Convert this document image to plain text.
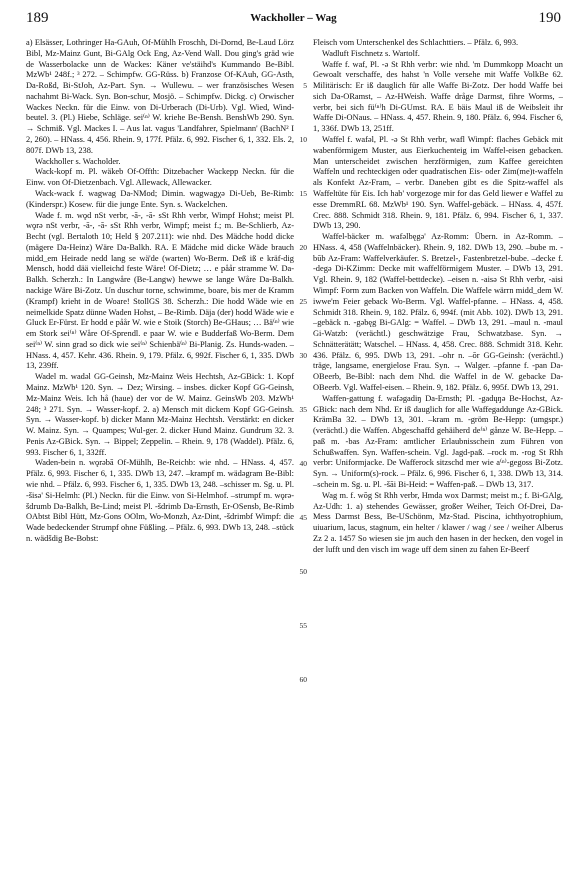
189	Wackholler – Wag	190

a) Elsässer, Lothringer Ha-GAuh, Of-Mühlh Froschh, Di-Dornd, Be-Laud Lörz Bibl, Mz-Mainz Gunt, Bi-GAlg Ock Eng, Az-Vend Wall. Dou ging's gräd wie de Wasserbolacke unn de Wackes: Käner ve'stäihd's Kummando Be-Bibl. MzWb¹ 248f.; ³ 272. – Schimpfw. GG-Rüss. b) Franzose Of-KAuh, GG-Asth, Da-Roßd, Bi-StJoh, Az-Part. Syn. → Wullewu. – wer französisches Wesen nachahmt Bi-Wack. Syn. Bon-schur, Mosjö. – Schimpfw. Dickg. c) Orwischer Wackes Neckn. für die Einw. von Di-Urberach (Di-Urb). Vgl. Wied, Wind-beutel. 3. (Pl.) Hiebe, Schläge. sei⁽ⁿ⁾ W. kriehe Be-Bensh. BenshWb 290. Syn. → Schmiß. Vgl. Mackes I. – Aus lat. vagus 'Landfahrer, Spielmann' (BachN² I 2, 260). – HNass. 4, 456. Rhein. 9, 177f. Pfälz. 6, 992. Fischer 6, 1, 332. Els. 2, 807f. DWb 13, 238.

Wackholler s. Wacholder.

Wack-kopf m. Pl. wäkeb Of-Offth: Ditzebacher Wackepp Neckn. für die Einw. von Of-Dietzenbach. Vgl. Allewack, Allewacker.

Wack-wack f. wagwag Da-NMod; Dimin. wagwagχə Di-Ueb, Be-Rimb: (Kinderspr.) Kosew. für die junge Ente. Syn. s. Wackelchen.

Wade f. m. wǫd nSt verbr, -ā-, -ā- sSt Rhh verbr, Wimpf Hohst; meist Pl. wǫrə nSt verbr, -ā-, -ā- sSt Rhh verbr, Wimpf; meist f.; m. Be-Schlierb, Az-Becht (vgl. Bertaloth 10; Held § 207.211): wie nhd. Des Mädche hodd dicke (mägere Da-Heinz) Wäre Da-Balkh. RA. E Mädche mid dicke Wäde brauch midd_em Heirade nedd lang se wä'de (warten) Wo-Berm. Deß iß e kräf-dig Mensch, hodd dää vielleichd feste Wäre! Of-Dietz; … e påår stramme W. Da-Balkh. Scherzh.: In Langwåre (Be-Langw) hewwe se lange Wåre Da-Balkh. nackige Wäre Bi-Zotz. Un duschur torne, schwimme, boare, bis mer de Kramm (Krampf) krieht in de Woare! StollGS 38. Scherzh.: Die hodd Wäde wie en neimelkide Spatz dünne Waden Hohst, – Be-Rimb. Däja (der) hodd Wäde wie e Gluck Er-Fürst. Er hodd e påår W. wie e Stoik (Storch) Be-GHaus; … Bä⁽ⁿ⁾ wie em Stork sei⁽ⁿ⁾ Wåre Of-Sprendl. e paar W. wie e Budderfaß Wo-Berm. Dem sei⁽ⁿ⁾ W. sinn grad so dick wie sei⁽ⁿ⁾ Schienbä⁽ⁿ⁾ Bi-Planig. Zs. Hunds-waden. – HNass. 4, 457. Kehr. 436. Rhein. 9, 179. Pfälz. 6, 992f. Fischer 6, 1, 335. DWb 13, 239ff.

Wadel m. wadəl GG-Geinsh, Mz-Mainz Weis Hechtsh, Az-GBick: 1. Kopf Mainz. MzWb¹ 120. Syn. → Dez; Wirsing. – insbes. dicker Kopf GG-Geinsh, Mz-Mainz Weis. Ich hå (haue) der vor de W. Mainz. GeinsWb 203. MzWb¹ 248; ³ 271. Syn. → Wasser-kopf. 2. a) Mensch mit dickem Kopf GG-Geinsh. Syn. → Wasser-kopf. b) dicker Mann Mz-Mainz Hechtsh. Verstärkt: en dicker W. Mainz. Syn. → Quampes; Wul-ger. 2. dicker Hund Mainz. Gundrum 32. 3. Penis Az-GBick. Syn. → Bippel; Zeppelin. – Rhein. 9, 178 (Waddel). Pfälz. 6, 993. Fischer 6, 1, 332ff.

Waden-bein n. wǫrəbā Of-Mühlh, Be-Reichb: wie nhd. – HNass. 4, 457. Pfälz. 6, 993. Fischer 6, 1, 335. DWb 13, 247. –krampf m. wädəgram Be-Bibl: wie nhd. – Pfälz. 6, 993. Fischer 6, 1, 335. DWb 13, 248. –schisser m. Sg. u. Pl. -šisə' Si-Helmh: (Pl.) Neckn. für die Einw. von Si-Helmhof. –strumpf m. wǫrə-šdrumb Da-Balkh, Be-Lind; meist Pl. -šdrimb Da-Ernsth, Er-OSensb, Be-Rimb OAbtst Bibl Hütt, Mz-Gons OOlm, Wo-Monzh, Az-Dint, -šdrimbf Wimpf: die Wade bedeckender Strumpf ohne Füßling. – Pfälz. 6, 993. DWb 13, 248. –stück n. wädšdig Be-Bobst:

5
10
15
20
25
30
35
40
45
50
55
60

Fleisch vom Unterschenkel des Schlachttiers. – Pfälz. 6, 993.

Wadluft Fischnetz s. Wartolf.

Waffe f. waf, Pl. -ə St Rhh verbr: wie nhd. 'm Dummkopp Moacht un Gewoalt verschaffe, des hahst 'n Volle versehe mit Waffe VolkBe 62. Militärisch: Er iß dauglich für alle Waffe Bi-Zotz. Der hodd Waffe bei sich Da-ORamst, – Az-HWeish. Waffe dråge Darmst, fihre Worms, – verbr, bei sich fü⁽ⁿ⁾h Di-GUmst. RA. E bäis Maul iß de Weibsleit ihr Waffe Di-ONaus. – HNass. 4, 457. Rhein. 9, 180. Pfälz. 6, 994. Fischer 6, 1, 336f. DWb 13, 251ff.

Waffel f. wafəl, Pl. -ə St Rhh verbr, wafl Wimpf: flaches Gebäck mit wabenförmigem Muster, aus Eierkuchenteig im Waffel-eisen gebacken. Man unterscheidet zwischen herzförmigen, zum Kaffee gereichten Waffeln und rechteckigen oder quadratischen Eis- oder Zim(me)t-waffeln als Konfekt Az-Fram, – verbr. Daneben gibt es die Spitz-waffel als Waffeltüte für Eis. Ich hab' vorgezoge mir for das Geld liewer e Waffel zu esse DremmRL 68. MzWb¹ 190. Syn. Waffel-gebäck. – HNass. 4, 457f. Crec. 888. Schmidt 318. Rhein. 9, 181. Pfälz. 6, 994. Fischer 6, 1, 337. DWb 13, 290.

Waffel-bäcker m. wafəlbęgə' Az-Romm: Übern. in Az-Romm. – HNass. 4, 458 (Waffelnbäcker). Rhein. 9, 182. DWb 13, 290. –bube m. -būb Az-Fram: Waffelverkäufer. S. Bretzel-, Fastenbretzel-bube. –decke f. -degə Di-KZimm: Decke mit waffelförmigem Muster. – DWb 13, 291. Vgl. Rhein. 9, 182 (Waffel-bettdecke). –eisen n. -aisə St Rhh verbr, -aisi Wimpf: Form zum Backen von Waffeln. Die Waffele wärrn midd_dem W. iwwe'm Feier geback Wo-Berm. Vgl. Waffel-pfanne. – HNass. 4, 458. Schmidt 318. Rhein. 9, 182. Pfälz. 6, 994f. (mit Abb. 102). DWb 13, 291. –gebäck n. -gəbęg Bi-GAlg: = Waffel. – DWb 13, 291. –maul n. -maul Gi-Watzb: (verächtl.) geschwätzige Frau, Schwatzbase. Syn. → Schnätterätätt; Watschel. – HNass. 4, 458. Crec. 888. Schmidt 318. Kehr. 436. Pfälz. 6, 995. DWb 13, 291. –ohr n. –ōr GG-Geinsh: (verächtl.) träge, langsame, energielose Frau. Syn. → Walger. –pfanne f. -pan Da-OBeerb, Be-Bibl: nach dem Nhd. die Waffel in de W. gebacke Da-OBeerb. Vgl. Waffel-eisen. – Rhein. 9, 182. Pfälz. 6, 995f. DWb 13, 291.

Waffen-gattung f. wafəgadiŋ Da-Ernsth; Pl. -gadųŋə Be-Hochst, Az-GBick: nach dem Nhd. Er iß dauglich for alle Waffegaddunge Az-GBick. KrämBa 32. – DWb 13, 301. –kram m. -gröm Be-Hepp: (umgspr.) (verächtl.) die Waffen. Abgeschaffd gehäiherd de⁽ⁿ⁾ gånze W. Be-Hepp. –paß m. -bas Az-Fram: amtlicher Erlaubnisschein zum Führen von Schußwaffen. Syn. Waffen-schein. Vgl. Jagd-paß. –rock m. -rog St Rhh verbr: Uniformjacke. De Wafferock sitzschd mer wie a⁽ⁿ⁾-gegoss Bi-Zotz. Syn. → Uniform(s)-rock. – Pfälz. 6, 996. Fischer 6, 1, 338. DWb 13, 314. –schein m. Sg. u. Pl. -šāi Bi-Heid: = Waffen-paß. – DWb 13, 317.

Wag m. f. wōg St Rhh verbr, Hmda wox Darmst; meist m.; f. Bi-GAlg, Az-Udh: 1. a) stehendes Gewässer, großer Weiher, Teich Of-Drei, Da-Mess Darmst Bess, Be-USchönm, Mz-Stad. Piscina, ichthyotrophium, uiuarium, lacus, stagnum, ein helter / klawer / wag / see / weiher Alberus Zz 2 a. 1457 So wiesen sie jm auch den hasen in der hecken, den vogel in der lufft und den visch im wage uff dem sinen zu fahen Er-Beerf
